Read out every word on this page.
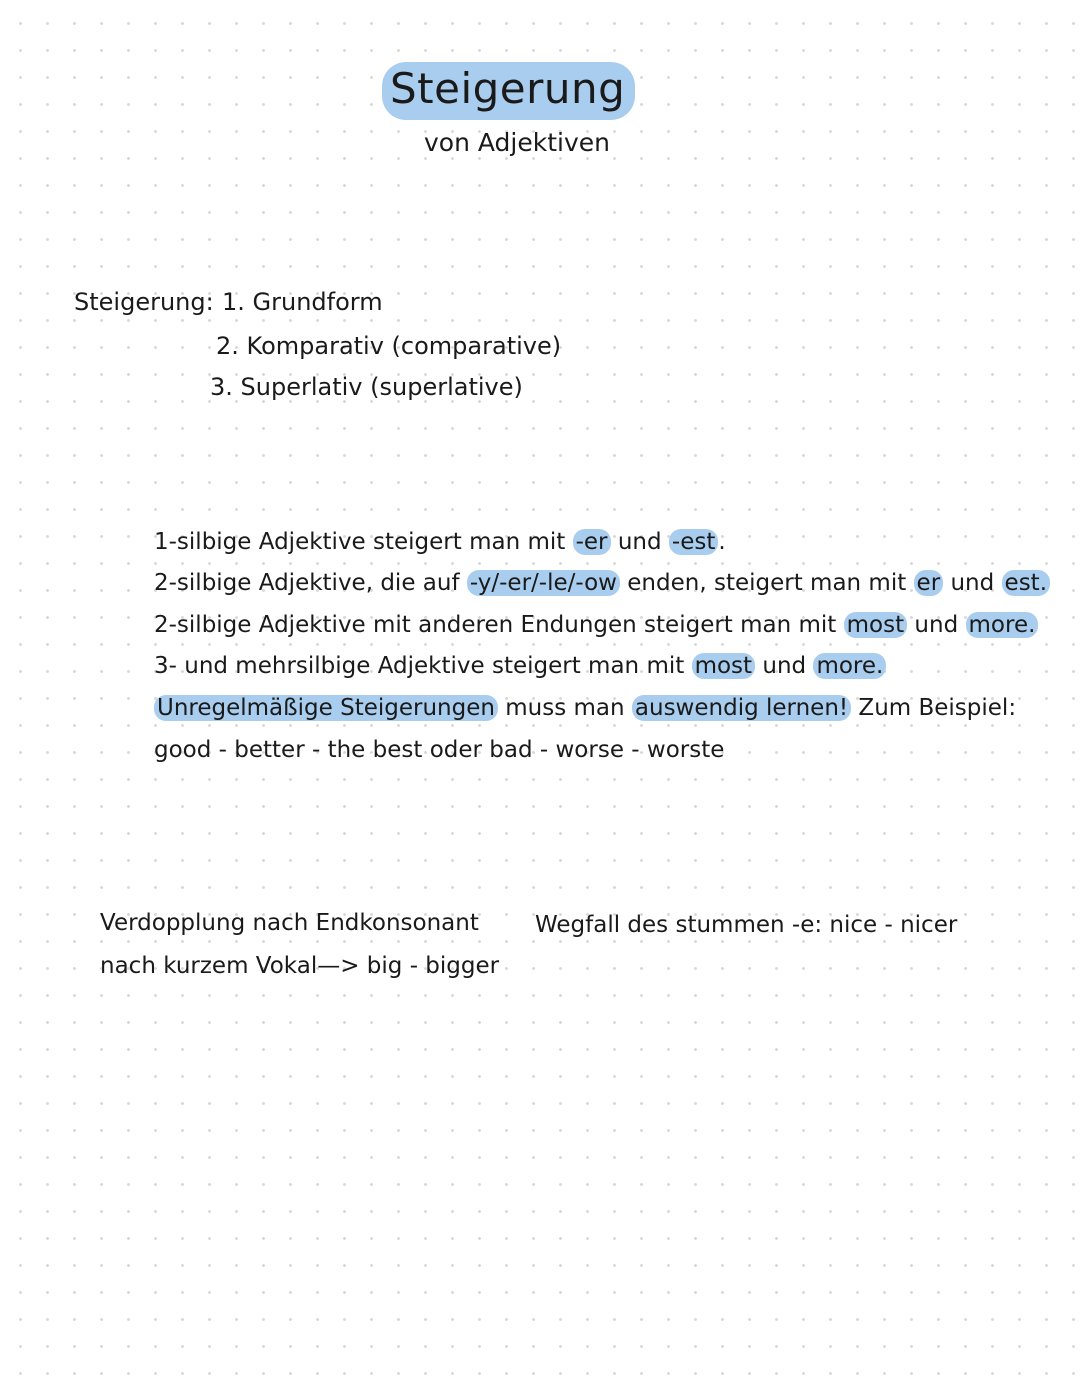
Steigerung
von Adjektiven
Steigerung: 1. Grundform
2. Komparativ (comparative)
3. Superlativ (superlative)
1-silbige Adjektive steigert man mit -er und -est .
2-silbige Adjektive, die auf -y/-er/-le/-ow enden, steigert man mit er und est.
2-silbige Adjektive mit anderen Endungen steigert man mit most und more.
3- und mehrsilbige Adjektive steigert man mit most und more.
Unregelmäßige Steigerungen muss man auswendig lernen! Zum Beispiel:
good - better - the best oder bad - worse - worste
Verdopplung nach Endkonsonant
nach kurzem Vokal—> big - bigger
Wegfall des stummen -e: nice - nicer
